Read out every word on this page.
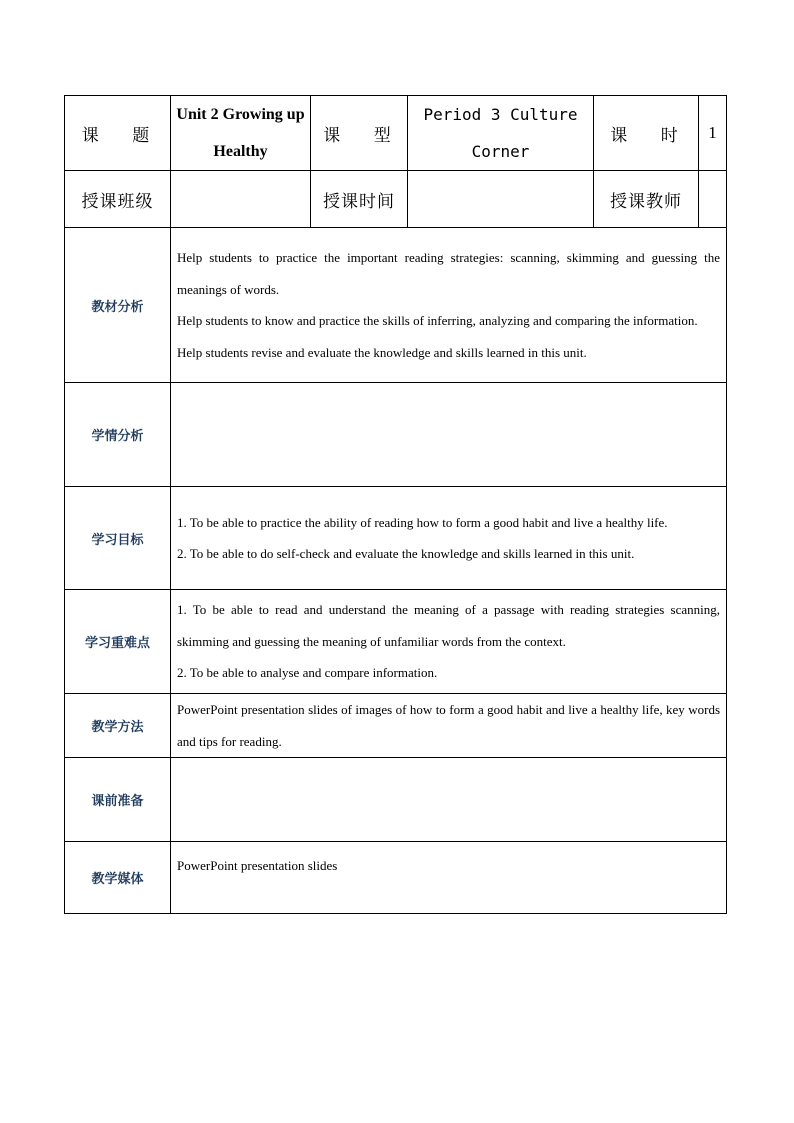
课 题	Unit 2 Growing up Healthy	课 型	Period 3 Culture Corner	课 时	1
授课班级		授课时间		授课教师	
教材分析	Help students to practice the important reading strategies: scanning, skimming and guessing the meanings of words.

Help students to know and practice the skills of inferring, analyzing and comparing the information.

Help students revise and evaluate the knowledge and skills learned in this unit.				

学情分析					
学习目标	1. To be able to practice the ability of reading how to form a good habit and live a healthy life.

2. To be able to do self-check and evaluate the knowledge and skills learned in this unit.				

学习重难点	1. To be able to read and understand the meaning of a passage with reading strategies scanning, skimming and guessing the meaning of unfamiliar words from the context.

2. To be able to analyse and compare information.				

教学方法	PowerPoint presentation slides of images of how to form a good habit and live a healthy life, key words and tips for reading.				

课前准备					
教学媒体	PowerPoint presentation slides				
